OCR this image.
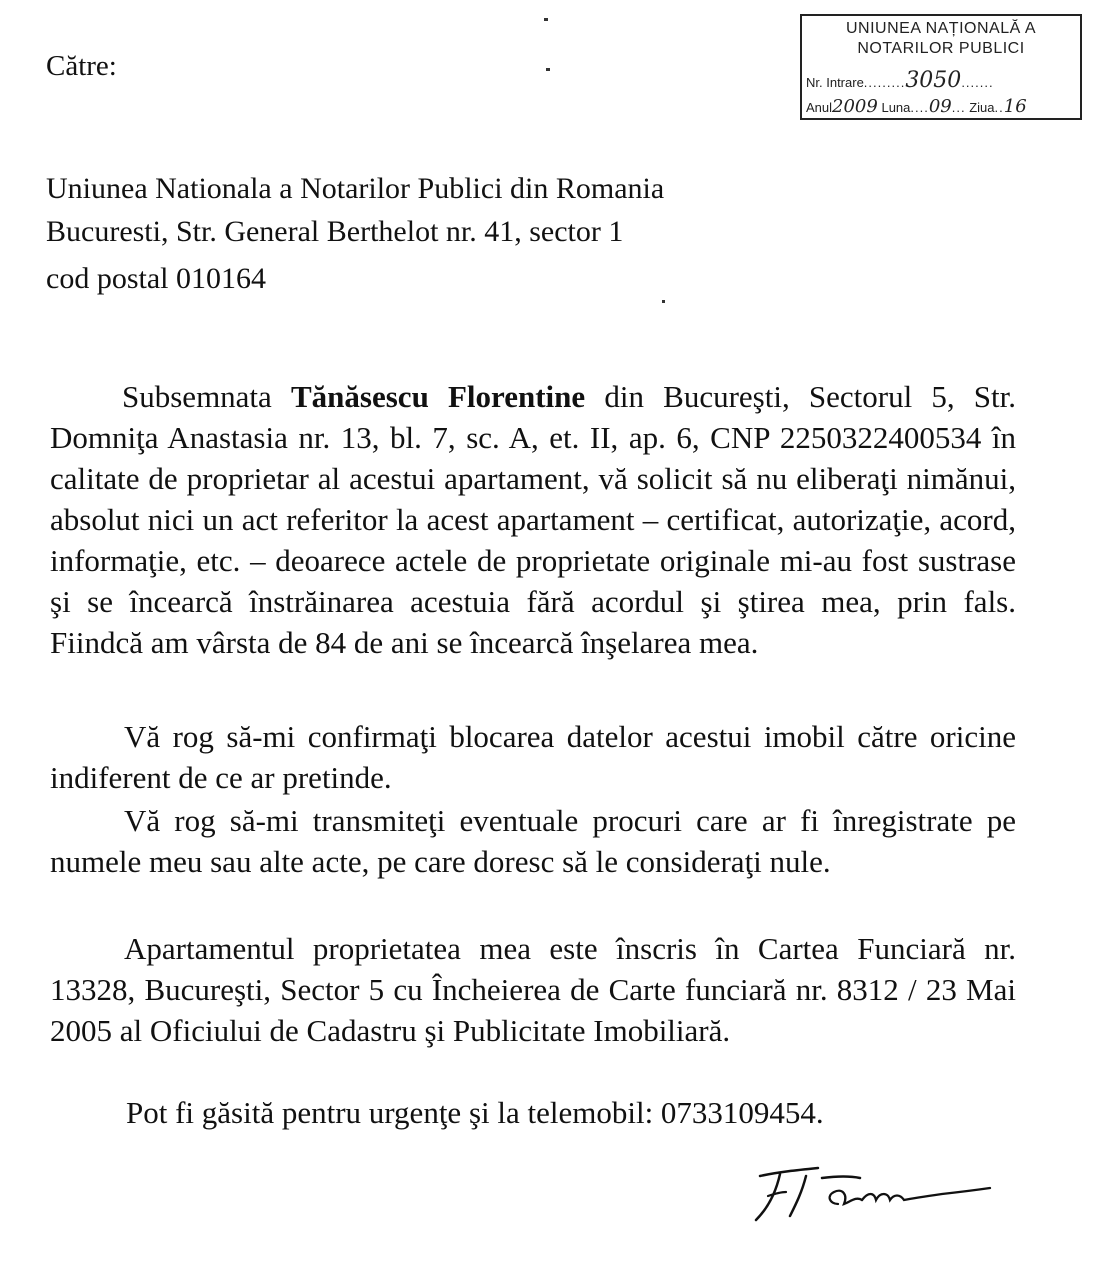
Către:
UNIUNEA NAȚIONALĂ A
NOTARILOR PUBLICI
Nr. Intrare.........3050.......
Anul2009 Luna....09... Ziua..16
Uniunea Nationala a Notarilor Publici din Romania
Bucuresti, Str. General Berthelot nr. 41, sector 1
cod postal 010164
Subsemnata Tănăsescu Florentine din Bucureşti, Sectorul 5, Str. Domniţa Anastasia nr. 13, bl. 7, sc. A, et. II, ap. 6, CNP 2250322400534 în calitate de proprietar al acestui apartament, vă solicit să nu eliberaţi nimănui, absolut nici un act referitor la acest apartament – certificat, autorizaţie, acord, informaţie, etc. – deoarece actele de proprietate originale mi-au fost sustrase şi se încearcă înstrăinarea acestuia fără acordul şi ştirea mea, prin fals. Fiindcă am vârsta de 84 de ani se încearcă înşelarea mea.
Vă rog să-mi confirmaţi blocarea datelor acestui imobil către oricine indiferent de ce ar pretinde.
Vă rog să-mi transmiteţi eventuale procuri care ar fi înregistrate pe numele meu sau alte acte, pe care doresc să le consideraţi nule.
Apartamentul proprietatea mea este înscris în Cartea Funciară nr. 13328, Bucureşti, Sector 5 cu Încheierea de Carte funciară nr. 8312 / 23 Mai 2005 al Oficiului de Cadastru şi Publicitate Imobiliară.
Pot fi găsită pentru urgenţe şi la telemobil: 0733109454.
